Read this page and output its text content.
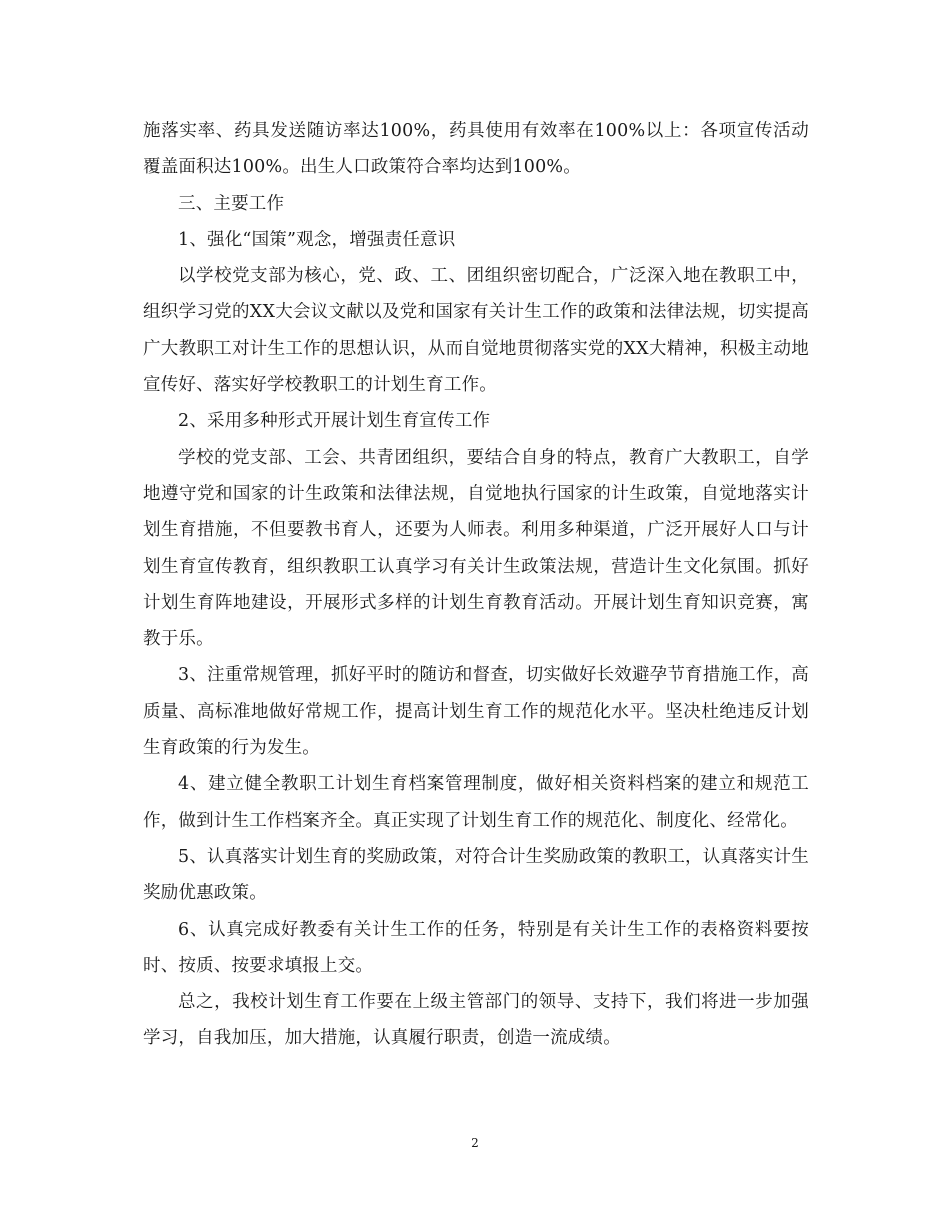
施落实率、药具发送随访率达100%，药具使用有效率在100%以上：各项宣传活动覆盖面积达100%。出生人口政策符合率均达到100%。

三、主要工作

1、强化“国策”观念，增强责任意识

以学校党支部为核心，党、政、工、团组织密切配合，广泛深入地在教职工中，组织学习党的XX大会议文献以及党和国家有关计生工作的政策和法律法规，切实提高广大教职工对计生工作的思想认识，从而自觉地贯彻落实党的XX大精神，积极主动地宣传好、落实好学校教职工的计划生育工作。

2、采用多种形式开展计划生育宣传工作

学校的党支部、工会、共青团组织，要结合自身的特点，教育广大教职工，自学地遵守党和国家的计生政策和法律法规，自觉地执行国家的计生政策，自觉地落实计划生育措施，不但要教书育人，还要为人师表。利用多种渠道，广泛开展好人口与计划生育宣传教育，组织教职工认真学习有关计生政策法规，营造计生文化氛围。抓好计划生育阵地建设，开展形式多样的计划生育教育活动。开展计划生育知识竞赛，寓教于乐。

3、注重常规管理，抓好平时的随访和督查，切实做好长效避孕节育措施工作，高质量、高标准地做好常规工作，提高计划生育工作的规范化水平。坚决杜绝违反计划生育政策的行为发生。

4、建立健全教职工计划生育档案管理制度，做好相关资料档案的建立和规范工作，做到计生工作档案齐全。真正实现了计划生育工作的规范化、制度化、经常化。

5、认真落实计划生育的奖励政策，对符合计生奖励政策的教职工，认真落实计生奖励优惠政策。

6、认真完成好教委有关计生工作的任务，特别是有关计生工作的表格资料要按时、按质、按要求填报上交。

总之，我校计划生育工作要在上级主管部门的领导、支持下，我们将进一步加强学习，自我加压，加大措施，认真履行职责，创造一流成绩。

2
